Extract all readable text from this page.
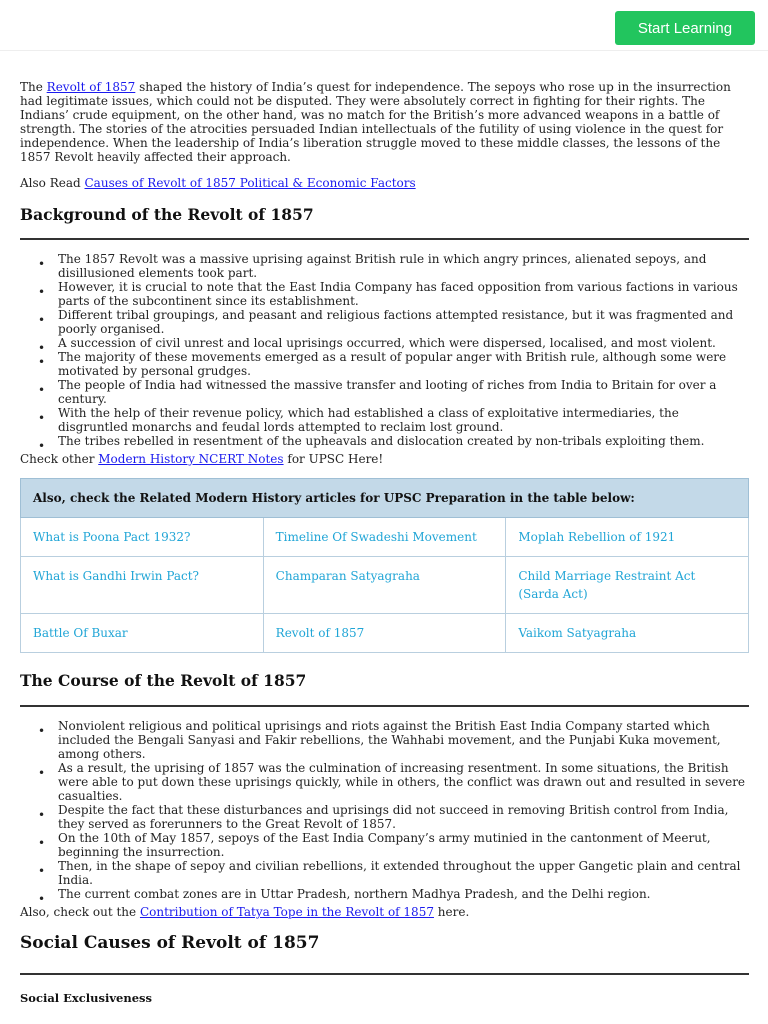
Start Learning

The Revolt of 1857 shaped the history of India’s quest for independence. The sepoys who rose up in the insurrection had legitimate issues, which could not be disputed. They were absolutely correct in fighting for their rights. The Indians’ crude equipment, on the other hand, was no match for the British’s more advanced weapons in a battle of strength. The stories of the atrocities persuaded Indian intellectuals of the futility of using violence in the quest for independence. When the leadership of India’s liberation struggle moved to these middle classes, the lessons of the 1857 Revolt heavily affected their approach.

Also Read Causes of Revolt of 1857 Political & Economic Factors

Background of the Revolt of 1857
• The 1857 Revolt was a massive uprising against British rule in which angry princes, alienated sepoys, and disillusioned elements took part.
• However, it is crucial to note that the East India Company has faced opposition from various factions in various parts of the subcontinent since its establishment.
• Different tribal groupings, and peasant and religious factions attempted resistance, but it was fragmented and poorly organised.
• A succession of civil unrest and local uprisings occurred, which were dispersed, localised, and most violent.
• The majority of these movements emerged as a result of popular anger with British rule, although some were motivated by personal grudges.
• The people of India had witnessed the massive transfer and looting of riches from India to Britain for over a century.
• With the help of their revenue policy, which had established a class of exploitative intermediaries, the disgruntled monarchs and feudal lords attempted to reclaim lost ground.
• The tribes rebelled in resentment of the upheavals and dislocation created by non-tribals exploiting them.

Check other Modern History NCERT Notes for UPSC Here!

Also, check the Related Modern History articles for UPSC Preparation in the table below:		
What is Poona Pact 1932?	Timeline Of Swadeshi Movement	Moplah Rebellion of 1921
What is Gandhi Irwin Pact?	Champaran Satyagraha	Child Marriage Restraint Act (Sarda Act)
Battle Of Buxar	Revolt of 1857	Vaikom Satyagraha
The Course of the Revolt of 1857
• Nonviolent religious and political uprisings and riots against the British East India Company started which included the Bengali Sanyasi and Fakir rebellions, the Wahhabi movement, and the Punjabi Kuka movement, among others.
• As a result, the uprising of 1857 was the culmination of increasing resentment. In some situations, the British were able to put down these uprisings quickly, while in others, the conflict was drawn out and resulted in severe casualties.
• Despite the fact that these disturbances and uprisings did not succeed in removing British control from India, they served as forerunners to the Great Revolt of 1857.
• On the 10th of May 1857, sepoys of the East India Company’s army mutinied in the cantonment of Meerut, beginning the insurrection.
• Then, in the shape of sepoy and civilian rebellions, it extended throughout the upper Gangetic plain and central India.
• The current combat zones are in Uttar Pradesh, northern Madhya Pradesh, and the Delhi region.

Also, check out the Contribution of Tatya Tope in the Revolt of 1857 here.

Social Causes of Revolt of 1857

Social Exclusiveness
